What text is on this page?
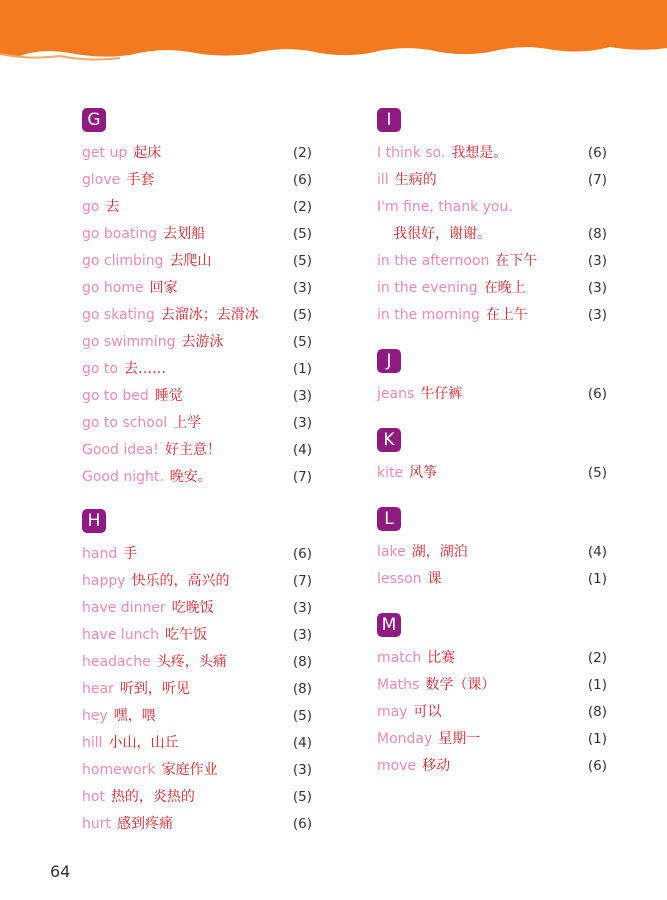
G
get up 起床	(2)
glove 手套	(6)
go 去	(2)
go boating 去划船	(5)
go climbing 去爬山	(5)
go home 回家	(3)
go skating 去溜冰；去滑冰	(5)
go swimming 去游泳	(5)
go to 去……	(1)
go to bed 睡觉	(3)
go to school 上学	(3)
Good idea! 好主意！	(4)
Good night. 晚安。	(7)
H
hand 手	(6)
happy 快乐的，高兴的	(7)
have dinner 吃晚饭	(3)
have lunch 吃午饭	(3)
headache 头疼，头痛	(8)
hear 听到，听见	(8)
hey 嘿，喂	(5)
hill 小山，山丘	(4)
homework 家庭作业	(3)
hot 热的，炎热的	(5)
hurt 感到疼痛	(6)
I
I think so. 我想是。	(6)
ill 生病的	(7)
I'm fine, thank you.
我很好，谢谢。	(8)
in the afternoon 在下午	(3)
in the evening 在晚上	(3)
in the morning 在上午	(3)
J
jeans 牛仔裤	(6)
K
kite 风筝	(5)
L
lake 湖，湖泊	(4)
lesson 课	(1)
M
match 比赛	(2)
Maths 数学（课）	(1)
may 可以	(8)
Monday 星期一	(1)
move 移动	(6)
64
